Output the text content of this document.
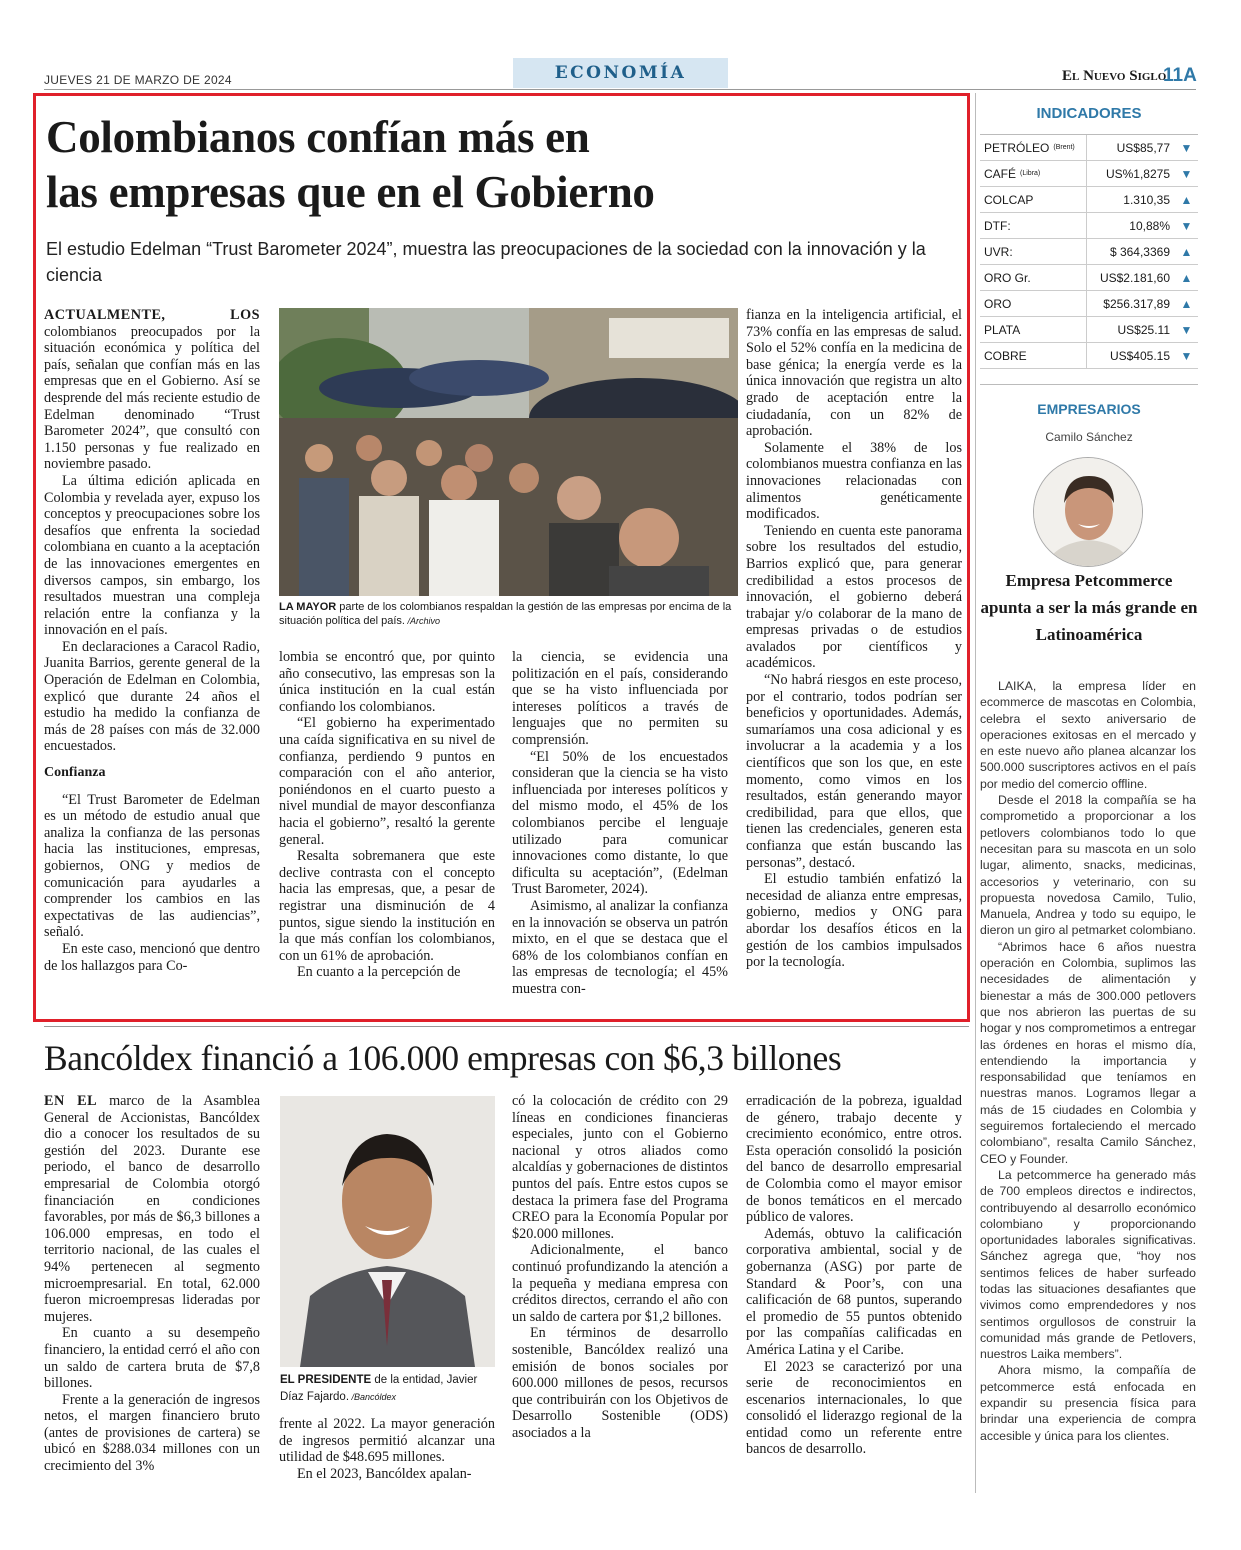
JUEVES 21 DE MARZO DE 2024	ECONOMÍA	El Nuevo Siglo
11A
Colombianos confían más en
las empresas que en el Gobierno
El estudio Edelman “Trust Barometer 2024”, muestra las preocupaciones de la sociedad con la innovación y la ciencia

ACTUALMENTE, LOS colombianos preocupados por la situación económica y política del país, señalan que confían más en las empresas que en el Gobierno. Así se desprende del más reciente estudio de Edelman denominado “Trust Barometer 2024”, que consultó con 1.150 personas y fue realizado en noviembre pasado.

La última edición aplicada en Colombia y revelada ayer, expuso los conceptos y preocupaciones sobre los desafíos que enfrenta la sociedad colombiana en cuanto a la aceptación de las innovaciones emergentes en diversos campos, sin embargo, los resultados muestran una compleja relación entre la confianza y la innovación en el país.

En declaraciones a Caracol Radio, Juanita Barrios, gerente general de la Operación de Edelman en Colombia, explicó que durante 24 años el estudio ha medido la confianza de más de 28 países con más de 32.000 encuestados.

Confianza

“El Trust Barometer de Edelman es un método de estudio anual que analiza la confianza de las personas hacia las instituciones, empresas, gobiernos, ONG y medios de comunicación para ayudarles a comprender los cambios en las expectativas de las audiencias”, señaló.

En este caso, mencionó que dentro de los hallazgos para Co-

LA MAYOR parte de los colombianos respaldan la gestión de las empresas por encima de la situación política del país. /Archivo

lombia se encontró que, por quinto año consecutivo, las empresas son la única institución en la cual están confiando los colombianos.

“El gobierno ha experimentado una caída significativa en su nivel de confianza, perdiendo 9 puntos en comparación con el año anterior, poniéndonos en el cuarto puesto a nivel mundial de mayor desconfianza hacia el gobierno”, resaltó la gerente general.

Resalta sobremanera que este declive contrasta con el concepto hacia las empresas, que, a pesar de registrar una disminución de 4 puntos, sigue siendo la institución en la que más confían los colombianos, con un 61% de aprobación.

En cuanto a la percepción de

la ciencia, se evidencia una politización en el país, considerando que se ha visto influenciada por intereses políticos a través de lenguajes que no permiten su comprensión.

“El 50% de los encuestados consideran que la ciencia se ha visto influenciada por intereses políticos y del mismo modo, el 45% de los colombianos percibe el lenguaje utilizado para comunicar innovaciones como distante, lo que dificulta su aceptación”, (Edelman Trust Barometer, 2024).

Asimismo, al analizar la confianza en la innovación se observa un patrón mixto, en el que se destaca que el 68% de los colombianos confían en las empresas de tecnología; el 45% muestra con-

fianza en la inteligencia artificial, el 73% confía en las empresas de salud. Solo el 52% confía en la medicina de base génica; la energía verde es la única innovación que registra un alto grado de aceptación entre la ciudadanía, con un 82% de aprobación.

Solamente el 38% de los colombianos muestra confianza en las innovaciones relacionadas con alimentos genéticamente modificados.

Teniendo en cuenta este panorama sobre los resultados del estudio, Barrios explicó que, para generar credibilidad a estos procesos de innovación, el gobierno deberá trabajar y/o colaborar de la mano de empresas privadas o de estudios avalados por científicos y académicos.

“No habrá riesgos en este proceso, por el contrario, todos podrían ser beneficios y oportunidades. Además, sumaríamos una cosa adicional y es involucrar a la academia y a los científicos que son los que, en este momento, como vimos en los resultados, están generando mayor credibilidad, para que ellos, que tienen las credenciales, generen esta confianza que están buscando las personas”, destacó.

El estudio también enfatizó la necesidad de alianza entre empresas, gobierno, medios y ONG para abordar los desafíos éticos en la gestión de los cambios impulsados por la tecnología.

Bancóldex financió a 106.000 empresas con $6,3 billones

EN EL marco de la Asamblea General de Accionistas, Bancóldex dio a conocer los resultados de su gestión del 2023. Durante ese periodo, el banco de desarrollo empresarial de Colombia otorgó financiación en condiciones favorables, por más de $6,3 billones a 106.000 empresas, en todo el territorio nacional, de las cuales el 94% pertenecen al segmento microempresarial. En total, 62.000 fueron microempresas lideradas por mujeres.

En cuanto a su desempeño financiero, la entidad cerró el año con un saldo de cartera bruta de $7,8 billones.

Frente a la generación de ingresos netos, el margen financiero bruto (antes de provisiones de cartera) se ubicó en $288.034 millones con un crecimiento del 3%

EL PRESIDENTE de la entidad, Javier Díaz Fajardo. /Bancóldex

frente al 2022. La mayor generación de ingresos permitió alcanzar una utilidad de $48.695 millones.

En el 2023, Bancóldex apalan-

có la colocación de crédito con 29 líneas en condiciones financieras especiales, junto con el Gobierno nacional y otros aliados como alcaldías y gobernaciones de distintos puntos del país. Entre estos cupos se destaca la primera fase del Programa CREO para la Economía Popular por $20.000 millones.

Adicionalmente, el banco continuó profundizando la atención a la pequeña y mediana empresa con créditos directos, cerrando el año con un saldo de cartera por $1,2 billones.

En términos de desarrollo sostenible, Bancóldex realizó una emisión de bonos sociales por 600.000 millones de pesos, recursos que contribuirán con los Objetivos de Desarrollo Sostenible (ODS) asociados a la

erradicación de la pobreza, igualdad de género, trabajo decente y crecimiento económico, entre otros. Esta operación consolidó la posición del banco de desarrollo empresarial de Colombia como el mayor emisor de bonos temáticos en el mercado público de valores.

Además, obtuvo la calificación corporativa ambiental, social y de gobernanza (ASG) por parte de Standard & Poor’s, con una calificación de 68 puntos, superando el promedio de 55 puntos obtenido por las compañías calificadas en América Latina y el Caribe.

El 2023 se caracterizó por una serie de reconocimientos en escenarios internacionales, lo que consolidó el liderazgo regional de la entidad como un referente entre bancos de desarrollo.

INDICADORES
PETRÓLEO (Brent)	US$85,77 ▼
CAFÉ (Libra)	US%1,8275 ▼
COLCAP	1.310,35 ▲
DTF:	10,88% ▼
UVR:	$ 364,3369 ▲
ORO Gr.	US$2.181,60 ▲
ORO	$256.317,89 ▲
PLATA	US$25.11 ▼
COBRE	US$405.15 ▼
EMPRESARIOS
Camilo Sánchez
Empresa Petcommerce apunta a ser la más grande en Latinoamérica

LAIKA, la empresa líder en ecommerce de mascotas en Colombia, celebra el sexto aniversario de operaciones exitosas en el mercado y en este nuevo año planea alcanzar los 500.000 suscriptores activos en el país por medio del comercio offline.

Desde el 2018 la compañía se ha comprometido a proporcionar a los petlovers colombianos todo lo que necesitan para su mascota en un solo lugar, alimento, snacks, medicinas, accesorios y veterinario, con su propuesta novedosa Camilo, Tulio, Manuela, Andrea y todo su equipo, le dieron un giro al petmarket colombiano.

“Abrimos hace 6 años nuestra operación en Colombia, suplimos las necesidades de alimentación y bienestar a más de 300.000 petlovers que nos abrieron las puertas de su hogar y nos comprometimos a entregar las órdenes en horas el mismo día, entendiendo la importancia y responsabilidad que teníamos en nuestras manos. Logramos llegar a más de 15 ciudades en Colombia y seguiremos fortaleciendo el mercado colombiano”, resalta Camilo Sánchez, CEO y Founder.

La petcommerce ha generado más de 700 empleos directos e indirectos, contribuyendo al desarrollo económico colombiano y proporcionando oportunidades laborales significativas. Sánchez agrega que, “hoy nos sentimos felices de haber surfeado todas las situaciones desafiantes que vivimos como emprendedores y nos sentimos orgullosos de construir la comunidad más grande de Petlovers, nuestros Laika members”.

Ahora mismo, la compañía de petcommerce está enfocada en expandir su presencia física para brindar una experiencia de compra accesible y única para los clientes.
